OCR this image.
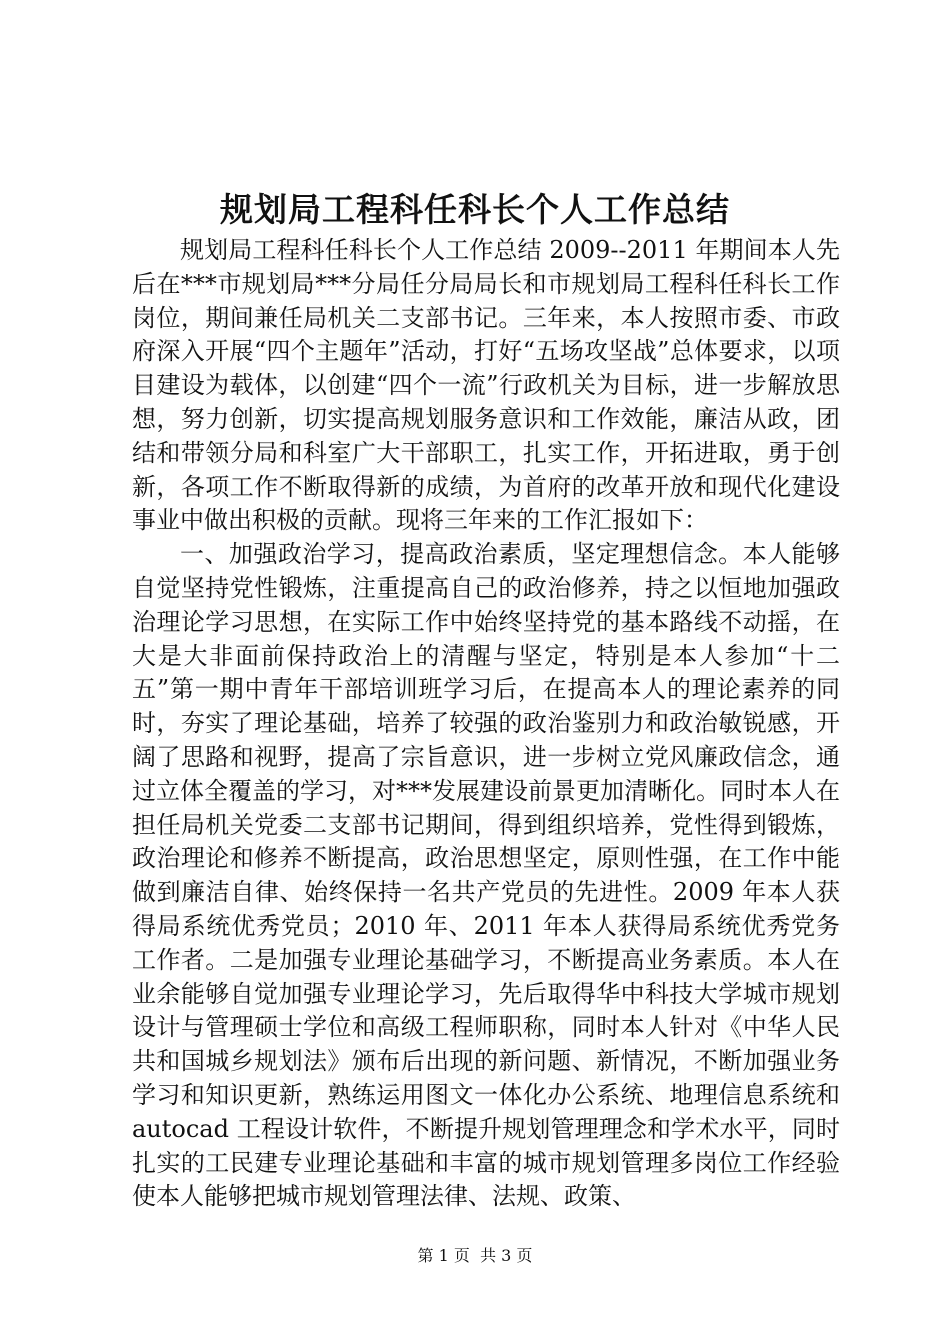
规划局工程科任科长个人工作总结

规划局工程科任科长个人工作总结 2009--2011 年期间本人先后在***市规划局***分局任分局局长和市规划局工程科任科长工作岗位，期间兼任局机关二支部书记。三年来，本人按照市委、市政府深入开展“四个主题年”活动，打好“五场攻坚战”总体要求，以项目建设为载体，以创建“四个一流”行政机关为目标，进一步解放思想，努力创新，切实提高规划服务意识和工作效能，廉洁从政，团结和带领分局和科室广大干部职工，扎实工作，开拓进取，勇于创新，各项工作不断取得新的成绩，为首府的改革开放和现代化建设事业中做出积极的贡献。现将三年来的工作汇报如下：

一、加强政治学习，提高政治素质，坚定理想信念。本人能够自觉坚持党性锻炼，注重提高自己的政治修养，持之以恒地加强政治理论学习思想，在实际工作中始终坚持党的基本路线不动摇，在大是大非面前保持政治上的清醒与坚定，特别是本人参加“十二五”第一期中青年干部培训班学习后，在提高本人的理论素养的同时，夯实了理论基础，培养了较强的政治鉴别力和政治敏锐感，开阔了思路和视野，提高了宗旨意识，进一步树立党风廉政信念，通过立体全覆盖的学习，对***发展建设前景更加清晰化。同时本人在担任局机关党委二支部书记期间，得到组织培养，党性得到锻炼，政治理论和修养不断提高，政治思想坚定，原则性强，在工作中能做到廉洁自律、始终保持一名共产党员的先进性。2009 年本人获得局系统优秀党员；2010 年、2011 年本人获得局系统优秀党务工作者。二是加强专业理论基础学习，不断提高业务素质。本人在业余能够自觉加强专业理论学习，先后取得华中科技大学城市规划设计与管理硕士学位和高级工程师职称，同时本人针对《中华人民共和国城乡规划法》颁布后出现的新问题、新情况，不断加强业务学习和知识更新，熟练运用图文一体化办公系统、地理信息系统和 autocad 工程设计软件，不断提升规划管理理念和学术水平，同时扎实的工民建专业理论基础和丰富的城市规划管理多岗位工作经验使本人能够把城市规划管理法律、法规、政策、

第 1 页 共 3 页
